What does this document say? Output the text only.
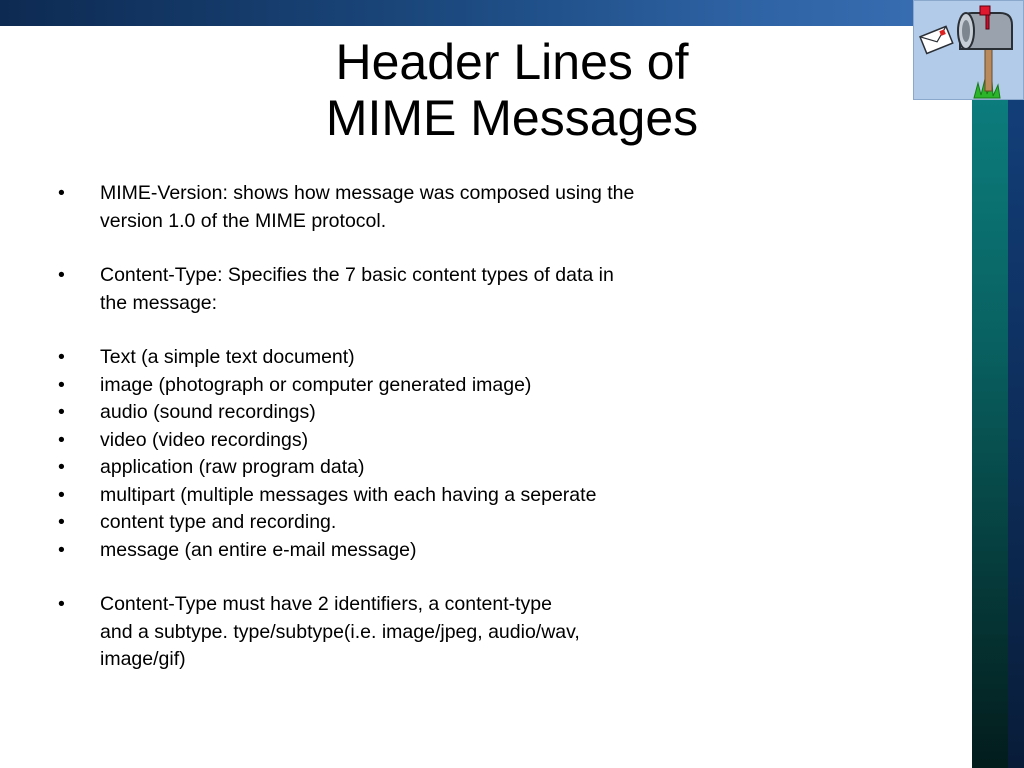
Header Lines of
MIME Messages
•	MIME-Version: shows how message was composed using the
version 1.0 of the MIME protocol.
•	Content-Type: Specifies the 7 basic content types of data in
the message:
•	Text (a simple text document)
•	image (photograph or computer generated image)
•	audio (sound recordings)
•	video (video recordings)
•	application (raw program data)
•	multipart (multiple messages with each having a seperate
•	content type and recording.
•	message (an entire e-mail message)
•	Content-Type must have 2 identifiers, a content-type
and a subtype. type/subtype(i.e. image/jpeg, audio/wav,
image/gif)
